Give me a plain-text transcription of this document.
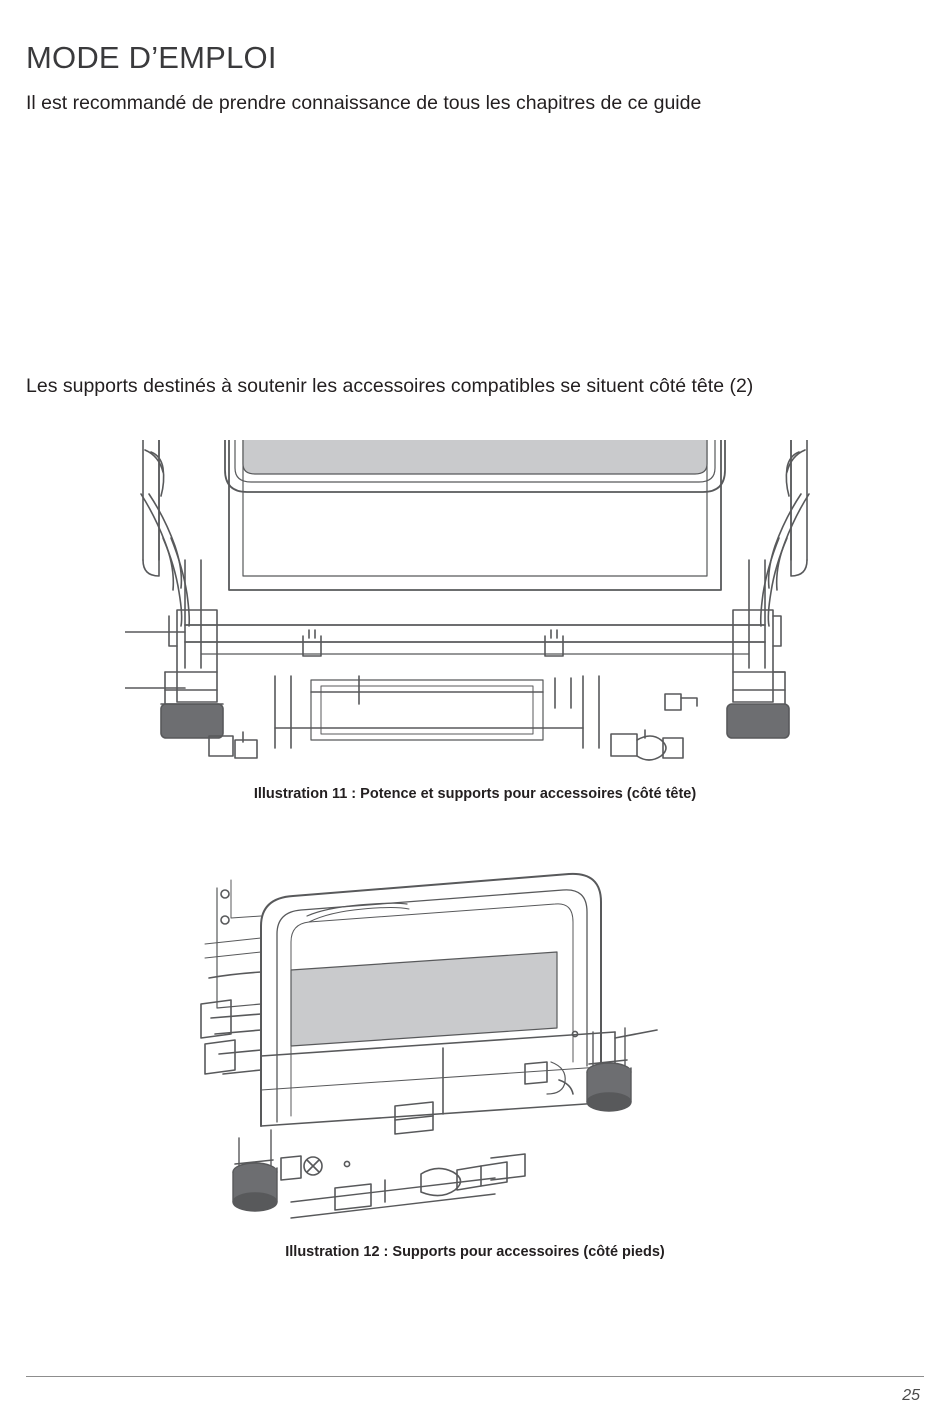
MODE D’EMPLOI

Il est recommandé de prendre connaissance de tous les chapitres de ce guide

Les supports destinés à soutenir les accessoires compatibles se situent côté tête (2)

Illustration 11 : Potence et supports pour accessoires (côté tête)
Illustration 12 : Supports pour accessoires (côté pieds)
25
